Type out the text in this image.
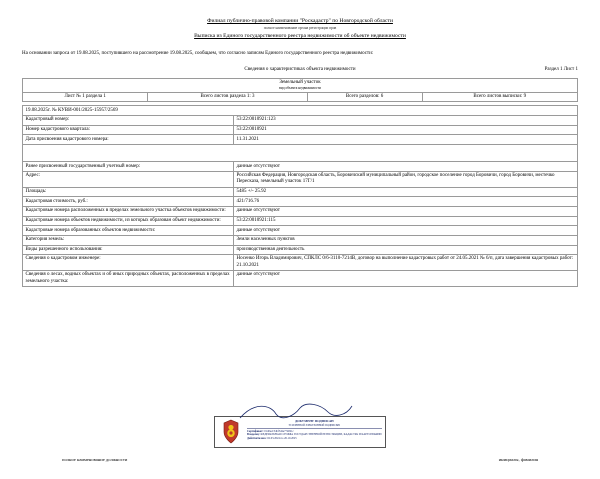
Филиал публично-правовой компании "Роскадастр" по Новгородской области
полное наименование органа регистрации прав
Выписка из Единого государственного реестра недвижимости об объекте недвижимости
На основании запроса от 19.08.2025, поступившего на рассмотрение 19.08.2025, сообщаем, что согласно записям Единого государственного реестра недвижимости:
Сведения о характеристиках объекта недвижимости	Раздел 1 Лист 1
Земельный участок
вид объекта недвижимости

Лист № 1 раздела 1	Всего листов раздела 1: 3	Всего разделов: 6	Всего листов выписки: 9
19.08.2025г. № КУВИ-001/2025-15957/2569	
Кадастровый номер:	53:22:0010921:123
Номер кадастрового квартала:	53:22:0010921
Дата присвоения кадастрового номера:	11.31.2021

Ранее присвоенный государственный учетный номер:	данные отсутствуют
Адрес:	Российская Федерация, Новгородская область, Боровичский муниципальный район, городское поселение город Боровичи, город Боровичи, местечко Пересказа, земельный участок 17Г/1
Площадь:	5485 +/- 25.92
Кадастровая стоимость, руб.:	421/716.76
Кадастровые номера расположенных в пределах земельного участка объектов недвижимости:	данные отсутствуют
Кадастровые номера объектов недвижимости, из которых образован объект недвижимости:	53:22:0010921:115
Кадастровые номера образованных объектов недвижимости:	данные отсутствуют
Категория земель:	Земли населенных пунктов
Виды разрешенного использования:	производственная деятельность
Сведения о кадастровом инженере:	Носенко Игорь Владимирович, СПКЛС 0/6-3110-7214В, договор на выполнение кадастровых работ от 24.05.2021 № 6/п, дата завершения кадастровых работ: 21.10.2021
Сведения о лесах, водных объектах и об иных природных объектах, расположенных в пределах земельного участка:	данные отсутствуют
ДОКУМЕНТ ПОДПИСАН
УСИЛЕННОЙ ЭЛЕКТРОННОЙ ПОДПИСЬЮ
Сертификат: 01d0e2c34bf5a9e77d0b1c
Владелец: ФЕДЕРАЛЬНАЯ СЛУЖБА ГОСУДАРСТВЕННОЙ РЕГИСТРАЦИИ, КАДАСТРА И КАРТОГРАФИИ
Действителен с 02.03.2024 по 26.10.2025
полное наименование должности	инициалы, фамилия
